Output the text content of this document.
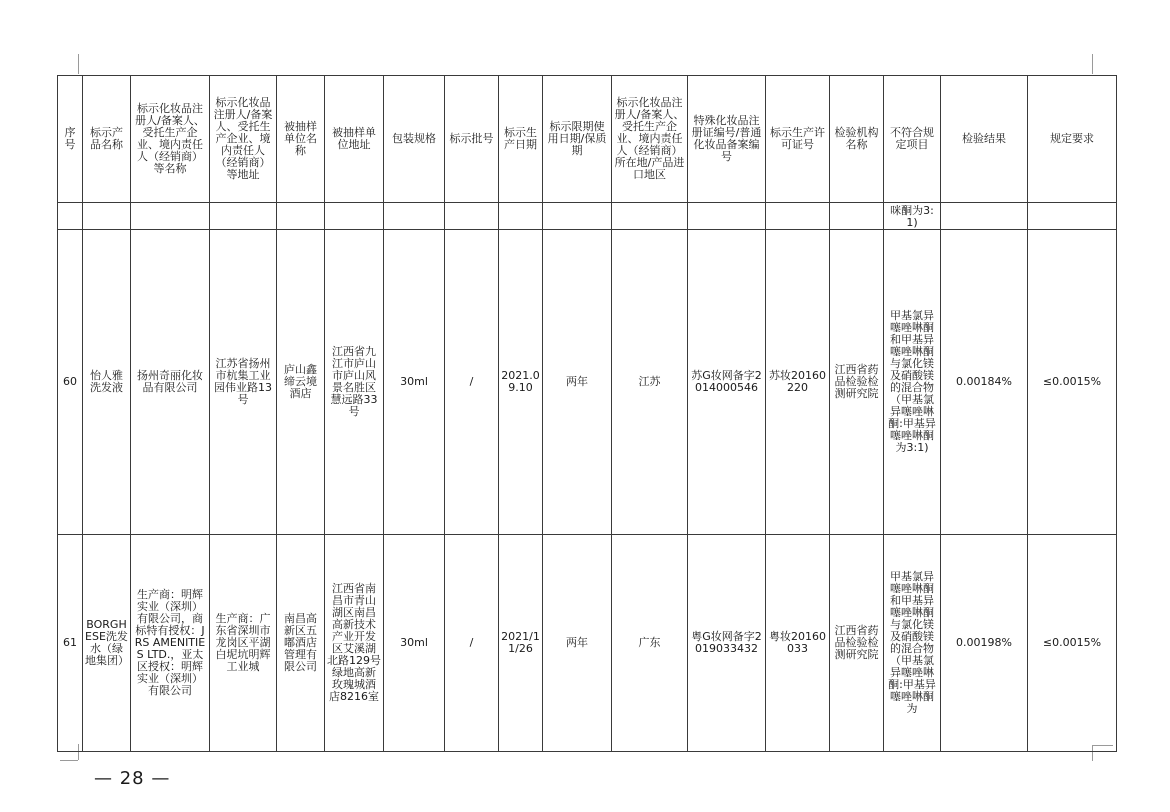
序号	标示产品名称	标示化妆品注册人/备案人、受托生产企业、境内责任人（经销商）等名称	标示化妆品注册人/备案人、受托生产企业、境内责任人（经销商）等地址	被抽样单位名称	被抽样单位地址	包装规格	标示批号	标示生产日期	标示限期使用日期/保质期	标示化妆品注册人/备案人、受托生产企业、境内责任人（经销商）所在地/产品进口地区	特殊化妆品注册证编号/普通化妆品备案编号	标示生产许可证号	检验机构名称	不符合规定项目	检验结果	规定要求
														咪酮为3:1)		
60	怡人雅洗发液	扬州奇丽化妆品有限公司	江苏省扬州市杭集工业园伟业路13号	庐山鑫缔云境酒店	江西省九江市庐山市庐山风景名胜区慧远路33号	30ml	/	2021.09.10	两年	江苏	苏G妆网备字2014000546	苏妆20160220	江西省药品检验检测研究院	甲基氯异噻唑啉酮和甲基异噻唑啉酮与氯化镁及硝酸镁的混合物（甲基氯异噻唑啉酮:甲基异噻唑啉酮为3:1)	0.00184%	≤0.0015%
61	BORGHESE洗发水（绿地集团）	生产商：明辉实业（深圳）有限公司，商标特有授权：JRS AMENITIES LTD.，亚太区授权：明辉实业（深圳）有限公司	生产商：广东省深圳市龙岗区平湖白坭坑明辉工业城	南昌高新区五嘟酒店管理有限公司	江西省南昌市青山湖区南昌高新技术产业开发区艾溪湖北路129号绿地高新玫瑰城酒店8216室	30ml	/	2021/11/26	两年	广东	粤G妆网备字2019033432	粤妆20160033	江西省药品检验检测研究院	甲基氯异噻唑啉酮和甲基异噻唑啉酮与氯化镁及硝酸镁的混合物（甲基氯异噻唑啉酮:甲基异噻唑啉酮为	0.00198%	≤0.0015%
— 28 —
